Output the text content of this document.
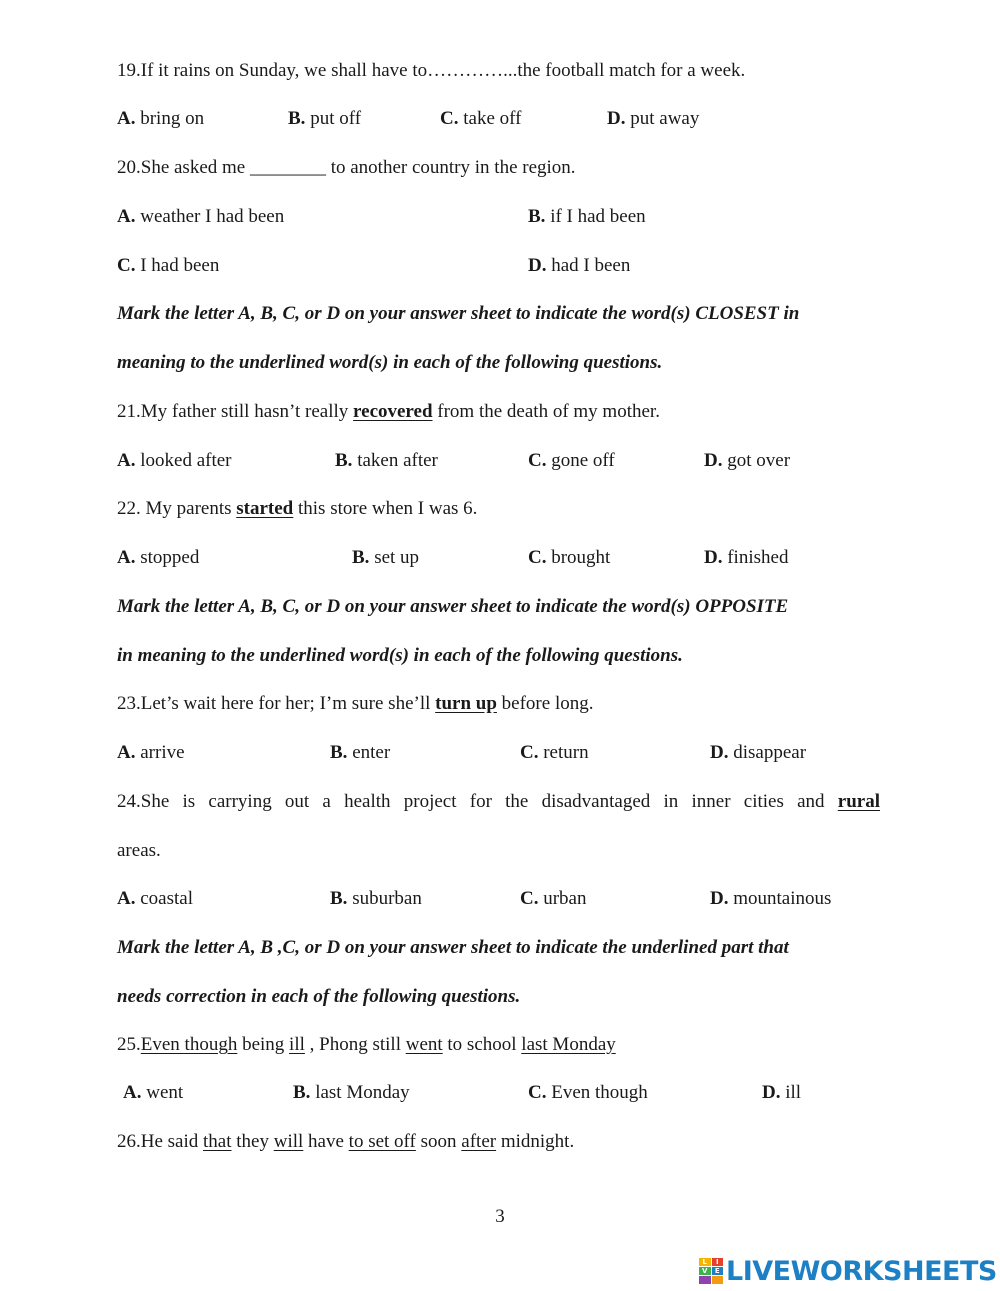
19.If it rains on Sunday, we shall have to…………...the football match for a week.
A. bring on	B. put off	C. take off	D. put away
20.She asked me ________ to another country in the region.
A. weather I had been	B. if I had been
C. I had been	D. had I been
Mark the letter A, B, C, or D on your answer sheet to indicate the word(s) CLOSEST in
meaning to the underlined word(s) in each of the following questions.
21.My father still hasn’t really recovered from the death of my mother.
A. looked after	B. taken after	C. gone off	D. got over
22. My parents started this store when I was 6.
A. stopped	B. set up	C. brought	D. finished
Mark the letter A, B, C, or D on your answer sheet to indicate the word(s) OPPOSITE
in meaning to the underlined word(s) in each of the following questions.
23.Let’s wait here for her; I’m sure she’ll turn up before long.
A. arrive	B. enter	C. return	D. disappear
24.She is carrying out a health project for the disadvantaged in inner cities and rural
areas.
A. coastal	B. suburban	C. urban	D. mountainous
Mark the letter A, B ,C, or D on your answer sheet to indicate the underlined part that
needs correction in each of the following questions.
25.Even though being ill , Phong still went to school last Monday
A. went	B. last Monday	C. Even though	D. ill
26.He said that they will have to set off soon after midnight.
3
L	I
V	E LIVEWORKSHEETS
